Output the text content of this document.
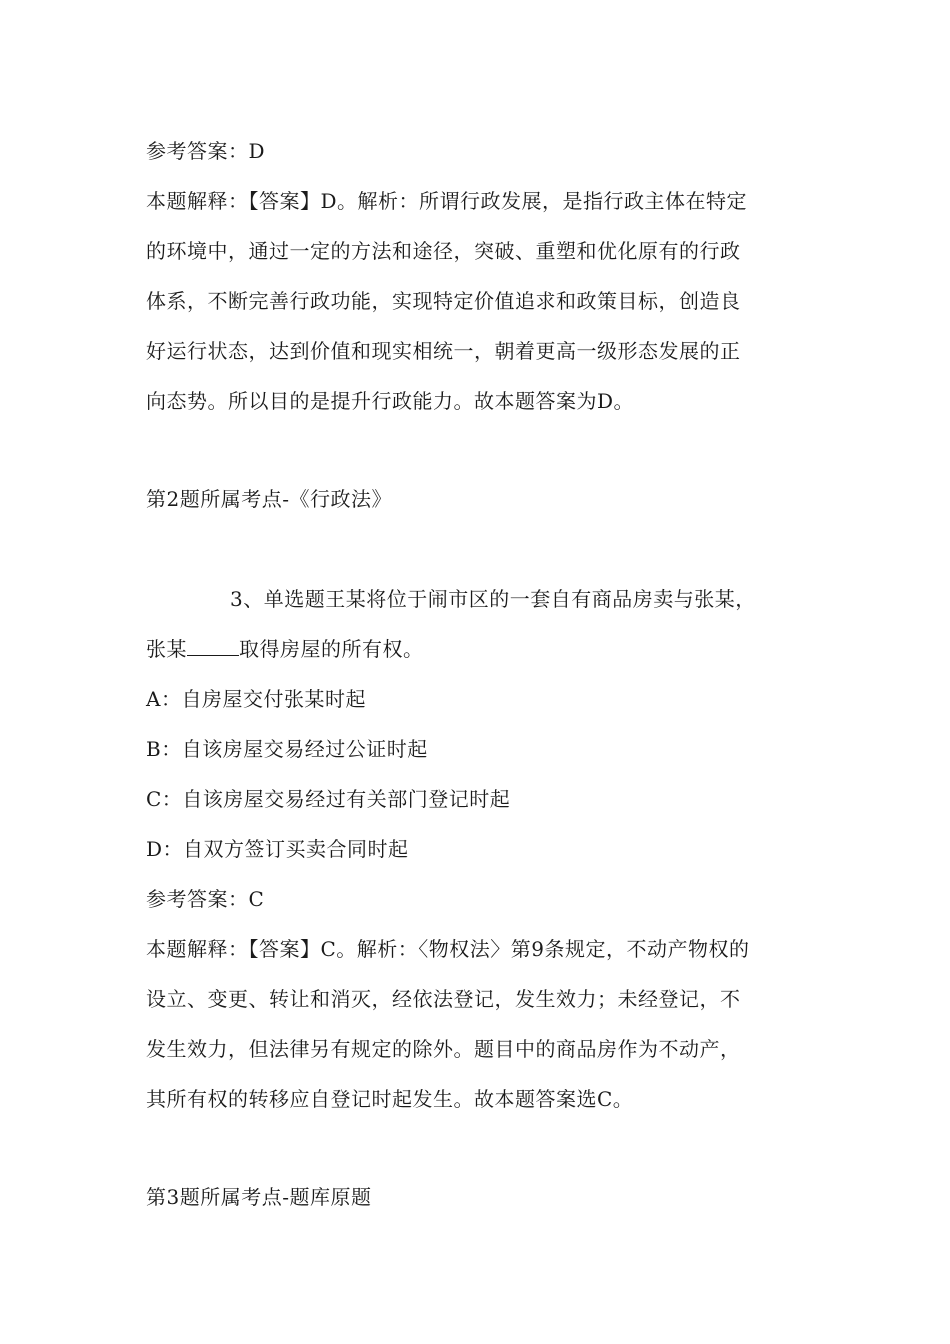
参考答案：D
本题解释：【答案】D。解析：所谓行政发展，是指行政主体在特定
的环境中，通过一定的方法和途径，突破、重塑和优化原有的行政
体系，不断完善行政功能，实现特定价值追求和政策目标，创造良
好运行状态，达到价值和现实相统一，朝着更高一级形态发展的正
向态势。所以目的是提升行政能力。故本题答案为D。
第2题所属考点-《行政法》
3、单选题王某将位于闹市区的一套自有商品房卖与张某，
张某	取得房屋的所有权。
A：自房屋交付张某时起
B：自该房屋交易经过公证时起
C：自该房屋交易经过有关部门登记时起
D：自双方签订买卖合同时起
参考答案：C
本题解释：【答案】C。解析：〈物权法〉第9条规定，不动产物权的
设立、变更、转让和消灭，经依法登记，发生效力；未经登记，不
发生效力，但法律另有规定的除外。题目中的商品房作为不动产，
其所有权的转移应自登记时起发生。故本题答案选C。
第3题所属考点-题库原题
